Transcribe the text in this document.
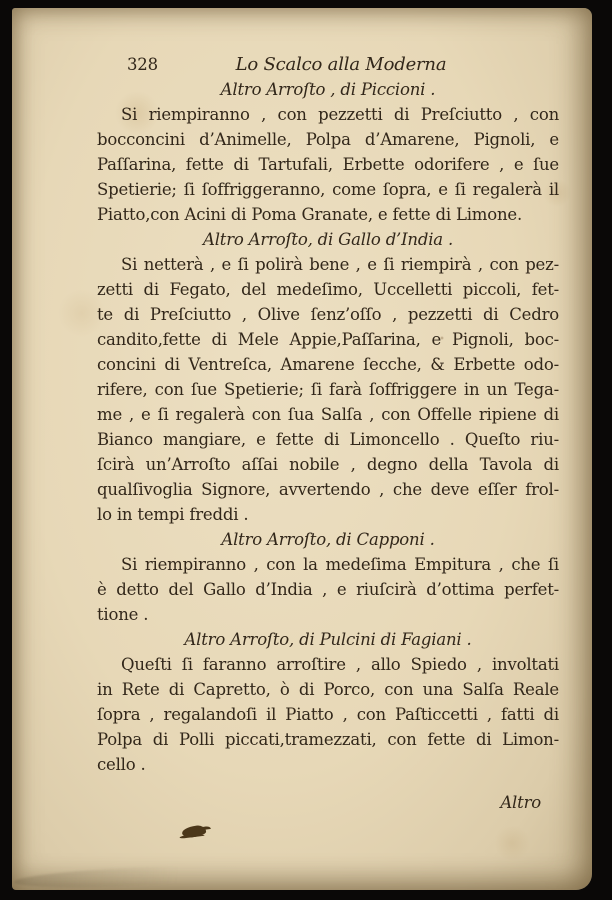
328	Lo Scalco alla Moderna
Altro Arroſto , di Piccioni .
Si riempiranno , con pezzetti di Preſciutto , con
bocconcini d’Animelle, Polpa d’Amarene, Pignoli, e
Paſſarina, fette di Tartufali, Erbette odorifere , e ſue
Spetierie; ſi ſoffriggeranno, come ſopra, e ſi regalerà il
Piatto,con Acini di Poma Granate, e fette di Limone.
Altro Arroſto, di Gallo d’India .
Si netterà , e ſi polirà bene , e ſi riempirà , con pez-
zetti di Fegato, del medeſimo, Uccelletti piccoli, fet-
te di Preſciutto , Olive ſenz’oſſo , pezzetti di Cedro
candito,fette di Mele Appie,Paſſarina, e Pignoli, boc-
concini di Ventreſca, Amarene ſecche, & Erbette odo-
rifere, con ſue Spetierie; ſi farà ſoffriggere in un Tega-
me , e ſi regalerà con ſua Salſa , con Offelle ripiene di
Bianco mangiare, e fette di Limoncello . Queſto riu-
ſcirà un’Arroſto aſſai nobile , degno della Tavola di
qualſivoglia Signore, avvertendo , che deve eſſer frol-
lo in tempi freddi .
Altro Arroſto, di Capponi .
Si riempiranno , con la medeſima Empitura , che ſi
è detto del Gallo d’India , e riuſcirà d’ottima perfet-
tione .
Altro Arroſto, di Pulcini di Fagiani .
Queſti ſi faranno arroſtire , allo Spiedo , involtati
in Rete di Capretto, ò di Porco, con una Salſa Reale
ſopra , regalandoſi il Piatto , con Paſticcetti , fatti di
Polpa di Polli piccati,tramezzati, con fette di Limon-
cello .
Altro
